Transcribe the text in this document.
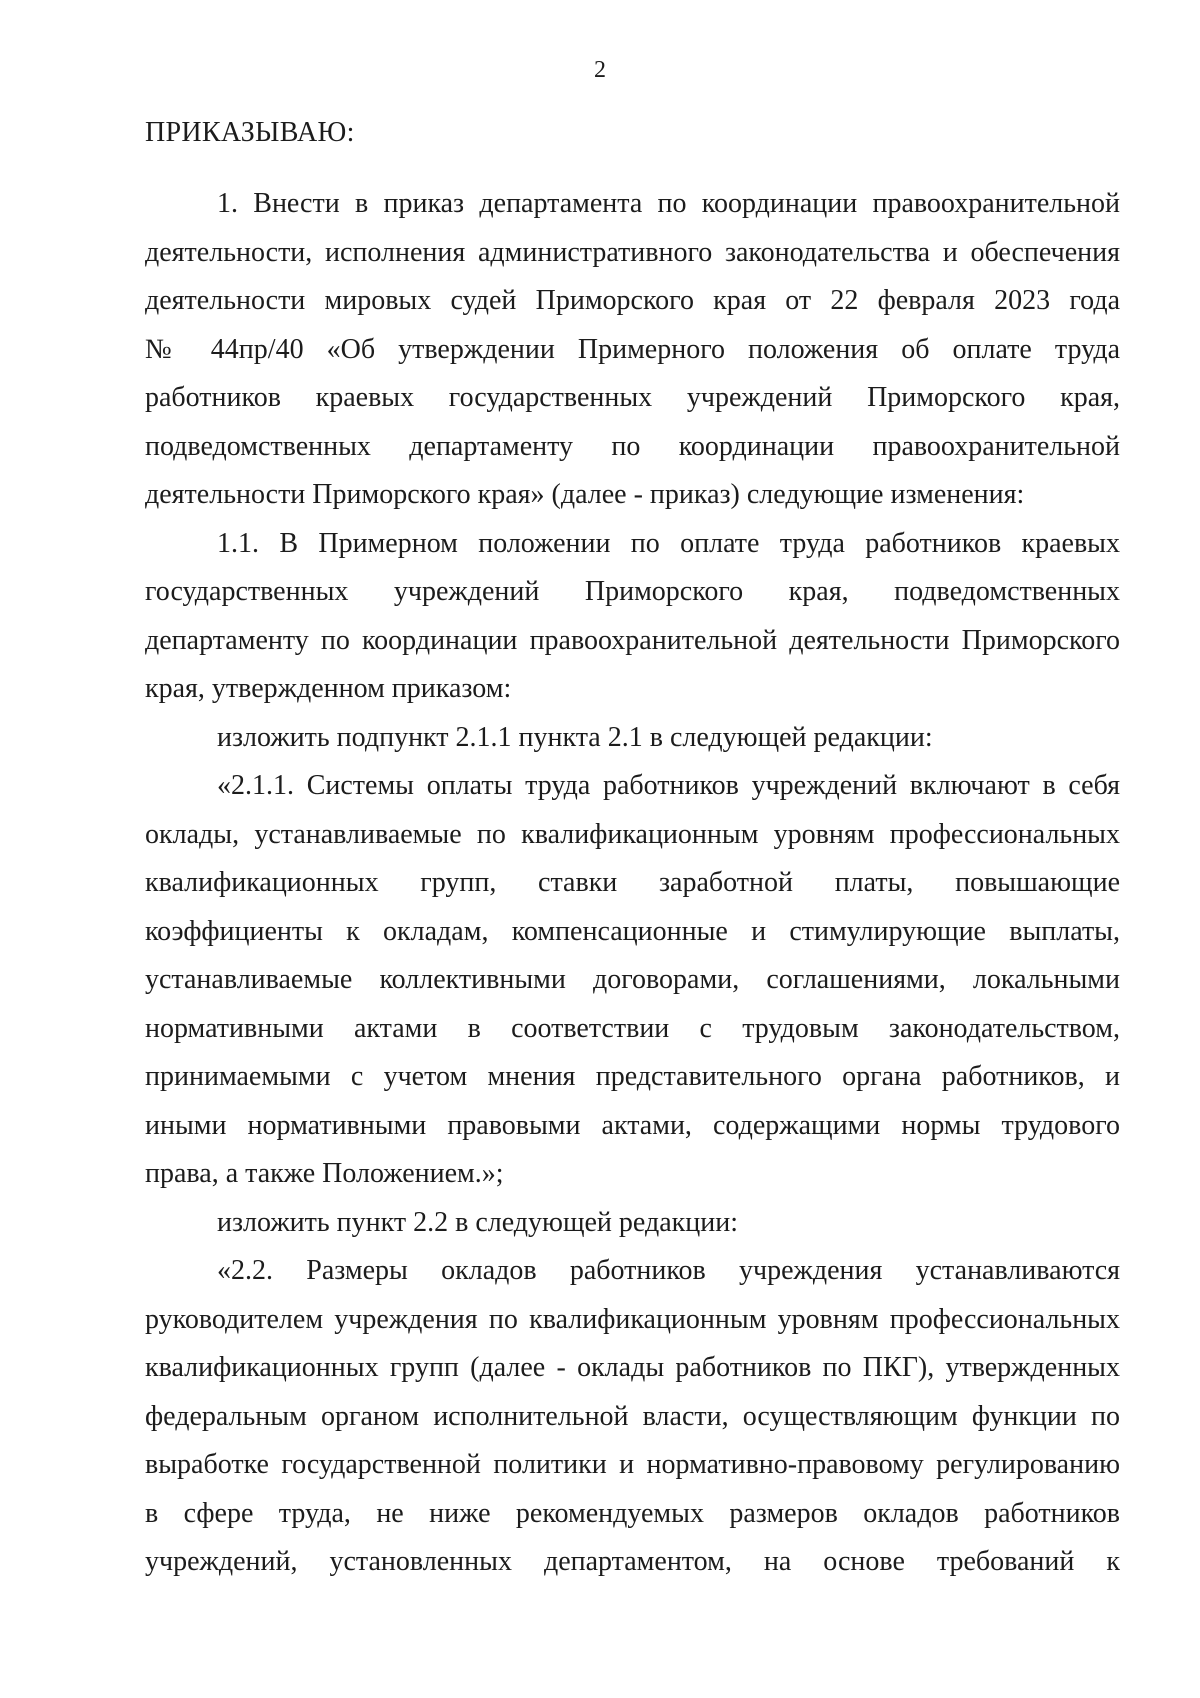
2
ПРИКАЗЫВАЮ:
1. Внести в приказ департамента по координации правоохранительной
деятельности, исполнения административного законодательства и обеспечения
деятельности мировых судей Приморского края от 22 февраля 2023 года
№ 44пр/40 «Об утверждении Примерного положения об оплате труда
работников краевых государственных учреждений Приморского края,
подведомственных департаменту по координации правоохранительной
деятельности Приморского края» (далее - приказ) следующие изменения:
1.1. В Примерном положении по оплате труда работников краевых
государственных учреждений Приморского края, подведомственных
департаменту по координации правоохранительной деятельности Приморского
края, утвержденном приказом:
изложить подпункт 2.1.1 пункта 2.1 в следующей редакции:
«2.1.1. Системы оплаты труда работников учреждений включают в себя
оклады, устанавливаемые по квалификационным уровням профессиональных
квалификационных групп, ставки заработной платы, повышающие
коэффициенты к окладам, компенсационные и стимулирующие выплаты,
устанавливаемые коллективными договорами, соглашениями, локальными
нормативными актами в соответствии с трудовым законодательством,
принимаемыми с учетом мнения представительного органа работников, и
иными нормативными правовыми актами, содержащими нормы трудового
права, а также Положением.»;
изложить пункт 2.2 в следующей редакции:
«2.2. Размеры окладов работников учреждения устанавливаются
руководителем учреждения по квалификационным уровням профессиональных
квалификационных групп (далее - оклады работников по ПКГ), утвержденных
федеральным органом исполнительной власти, осуществляющим функции по
выработке государственной политики и нормативно-правовому регулированию
в сфере труда, не ниже рекомендуемых размеров окладов работников
учреждений, установленных департаментом, на основе требований к
